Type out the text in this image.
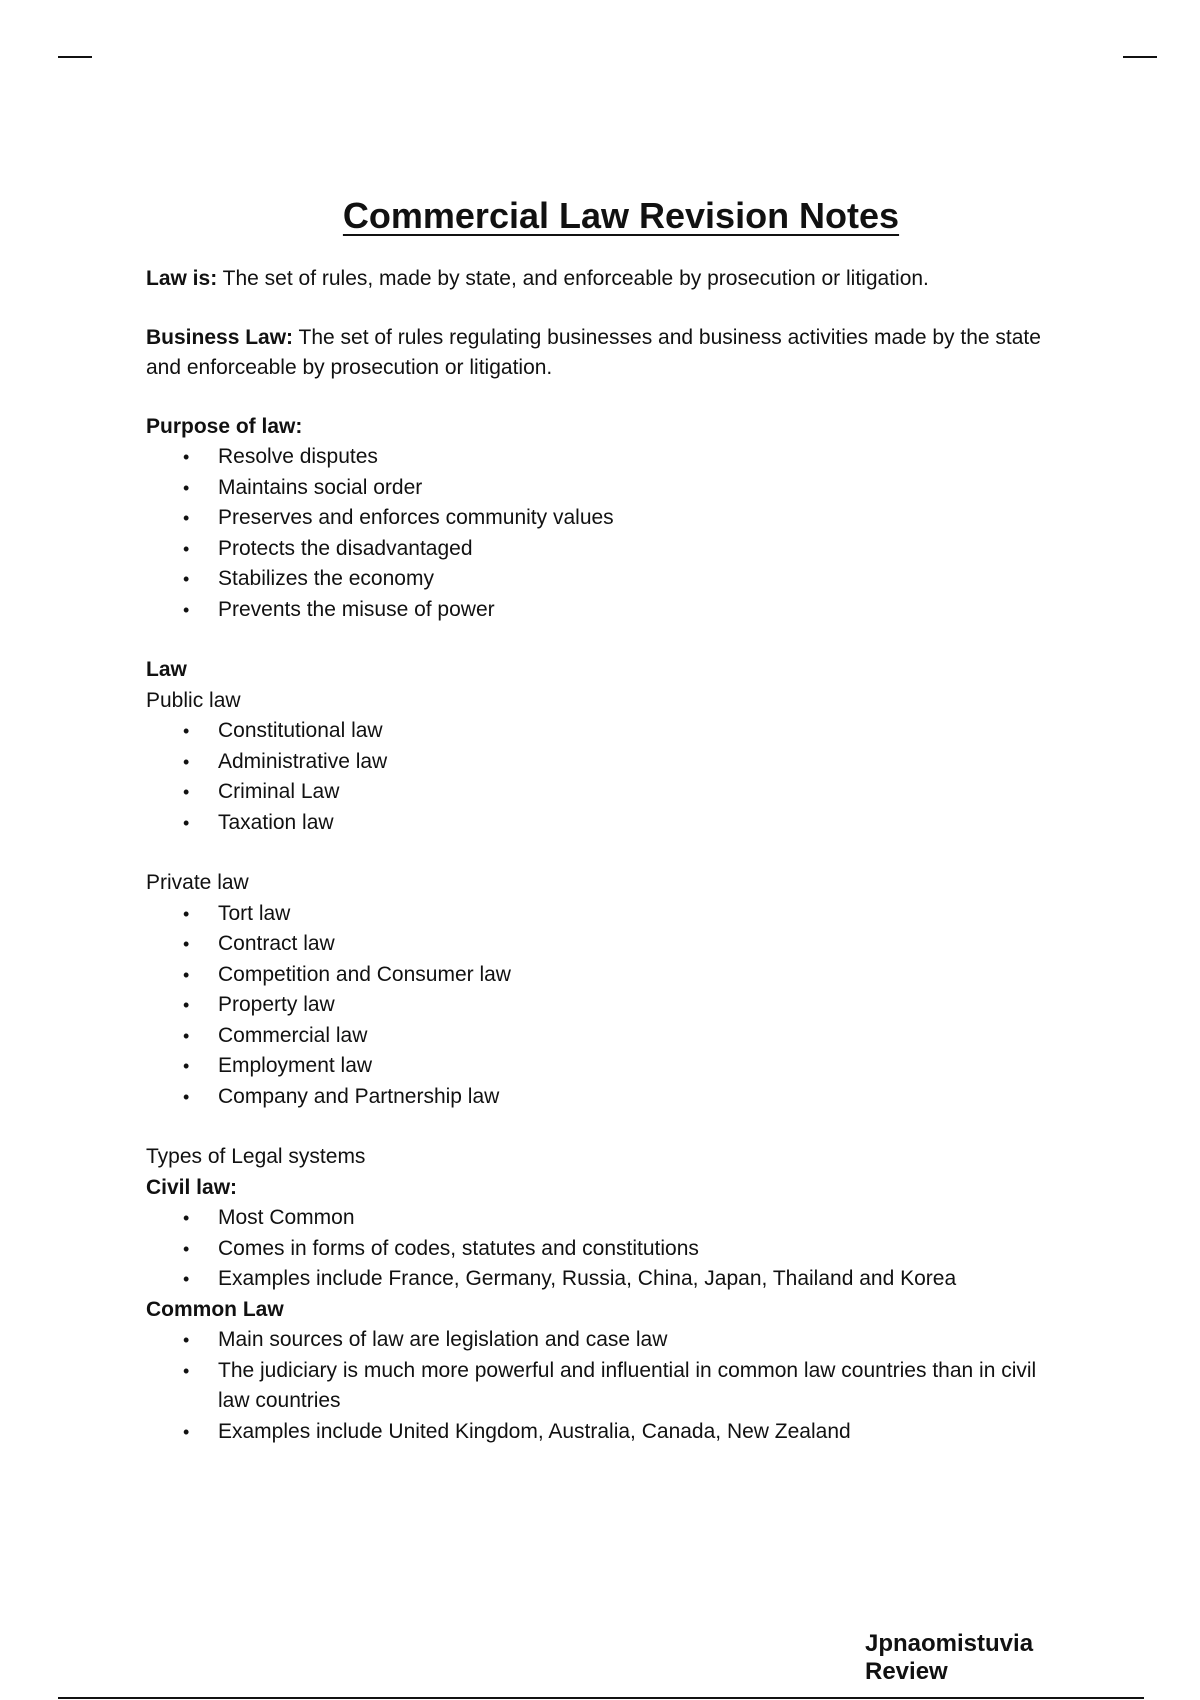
Commercial Law Revision Notes

Law is: The set of rules, made by state, and enforceable by prosecution or litigation.

Business Law: The set of rules regulating businesses and business activities made by the state and enforceable by prosecution or litigation.

Purpose of law:

• Resolve disputes
• Maintains social order
• Preserves and enforces community values
• Protects the disadvantaged
• Stabilizes the economy
• Prevents the misuse of power

Law

Public law

• Constitutional law
• Administrative law
• Criminal Law
• Taxation law

Private law

• Tort law
• Contract law
• Competition and Consumer law
• Property law
• Commercial law
• Employment law
• Company and Partnership law

Types of Legal systems

Civil law:

• Most Common
• Comes in forms of codes, statutes and constitutions
• Examples include France, Germany, Russia, China, Japan, Thailand and Korea

Common Law

• Main sources of law are legislation and case law
• The judiciary is much more powerful and influential in common law countries than in civil law countries
• Examples include United Kingdom, Australia, Canada, New Zealand
Jpnaomistuvia
Review
